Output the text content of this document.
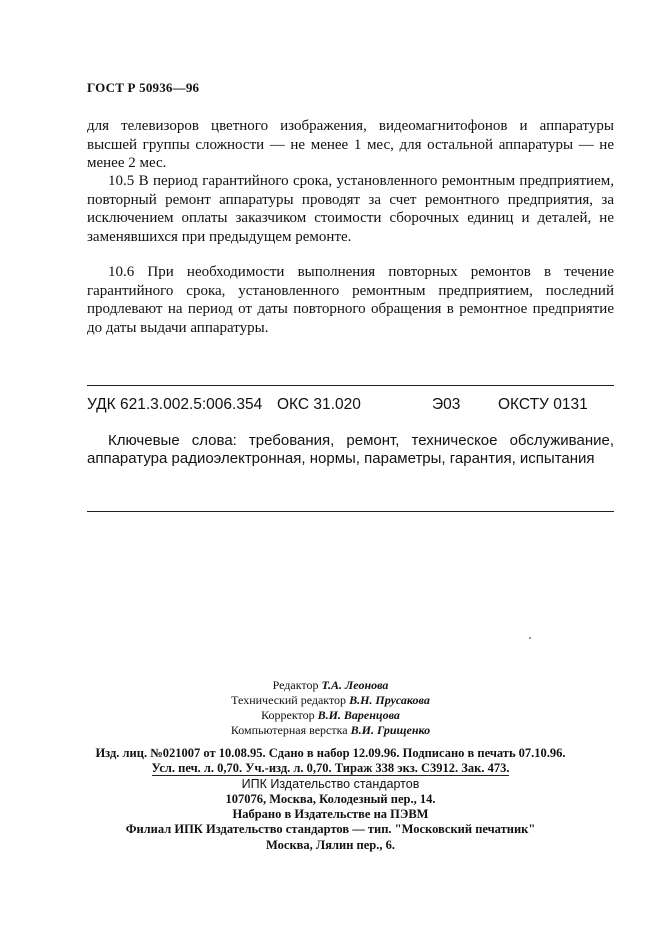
ГОСТ Р 50936—96

для телевизоров цветного изображения, видеомагнитофонов и аппаратуры высшей группы сложности — не менее 1 мес, для остальной аппаратуры — не менее 2 мес.

10.5 В период гарантийного срока, установленного ремонтным предприятием, повторный ремонт аппаратуры проводят за счет ремонтного предприятия, за исключением оплаты заказчиком стоимости сборочных единиц и деталей, не заменявшихся при предыдущем ремонте.

10.6 При необходимости выполнения повторных ремонтов в течение гарантийного срока, установленного ремонтным предприятием, последний продлевают на период от даты повторного обращения в ремонтное предприятие до даты выдачи аппаратуры.

УДК 621.3.002.5:006.354 ОКС 31.020	Э03 ОКСТУ 0131

Ключевые слова: требования, ремонт, техническое обслуживание, аппаратура радиоэлектронная, нормы, параметры, гарантия, испытания

Редактор Т.А. Леонова
Технический редактор В.Н. Прусакова
Корректор В.И. Варенцова
Компьютерная верстка В.И. Грищенко
Изд. лиц. №021007 от 10.08.95. Сдано в набор 12.09.96. Подписано в печать 07.10.96.
Усл. печ. л. 0,70. Уч.-изд. л. 0,70. Тираж 338 экз. С3912. Зак. 473.
ИПК Издательство стандартов
107076, Москва, Колодезный пер., 14.
Набрано в Издательстве на ПЭВМ
Филиал ИПК Издательство стандартов — тип. "Московский печатник"
Москва, Лялин пер., 6.
